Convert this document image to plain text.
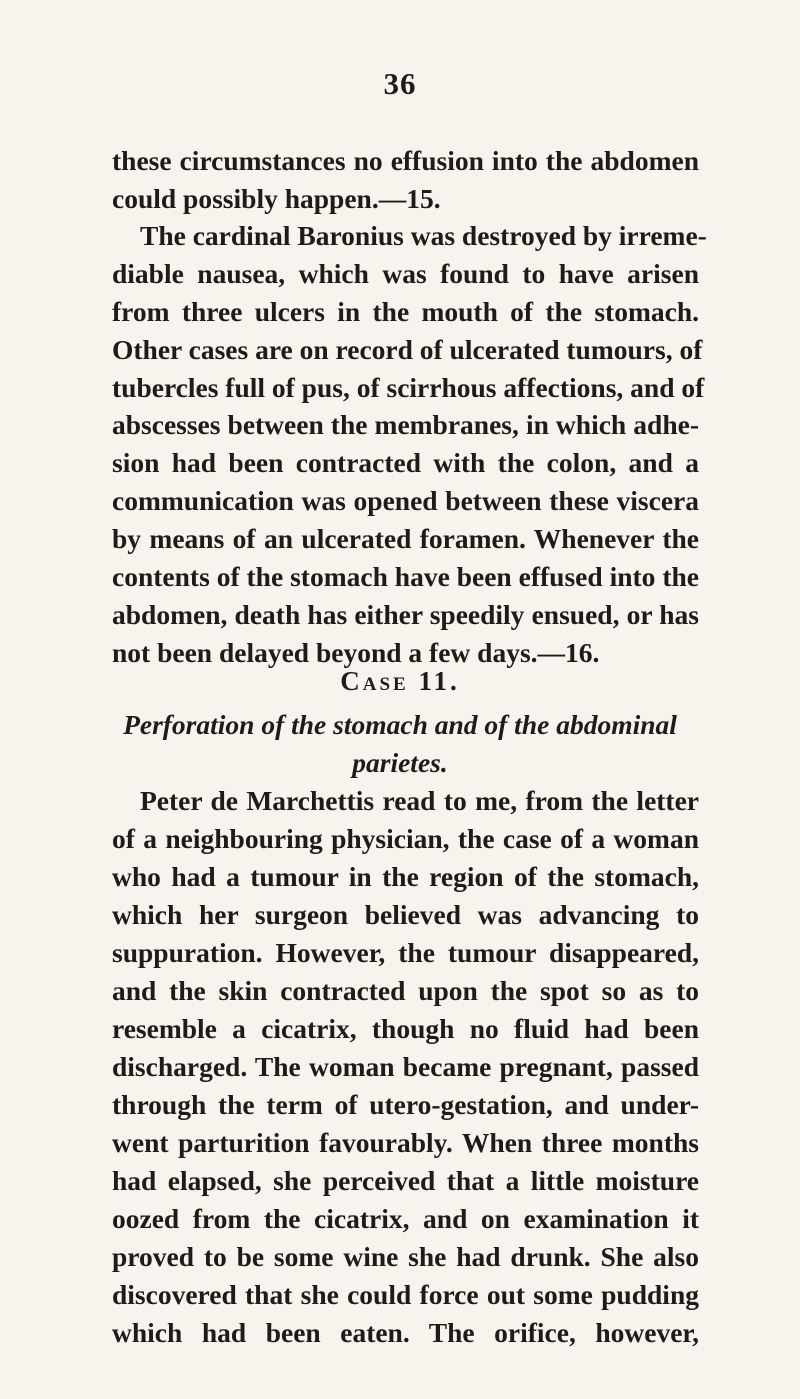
36
these circumstances no effusion into the abdomen
could possibly happen.—15.
The cardinal Baronius was destroyed by irreme-
diable nausea, which was found to have arisen
from three ulcers in the mouth of the stomach.
Other cases are on record of ulcerated tumours, of
tubercles full of pus, of scirrhous affections, and of
abscesses between the membranes, in which adhe-
sion had been contracted with the colon, and a
communication was opened between these viscera
by means of an ulcerated foramen. Whenever the
contents of the stomach have been effused into the
abdomen, death has either speedily ensued, or has
not been delayed beyond a few days.—16.
Case 11.
Perforation of the stomach and of the abdominal
parietes.
Peter de Marchettis read to me, from the letter
of a neighbouring physician, the case of a woman
who had a tumour in the region of the stomach,
which her surgeon believed was advancing to
suppuration. However, the tumour disappeared,
and the skin contracted upon the spot so as to
resemble a cicatrix, though no fluid had been
discharged. The woman became pregnant, passed
through the term of utero-gestation, and under-
went parturition favourably. When three months
had elapsed, she perceived that a little moisture
oozed from the cicatrix, and on examination it
proved to be some wine she had drunk. She also
discovered that she could force out some pudding
which had been eaten. The orifice, however,
